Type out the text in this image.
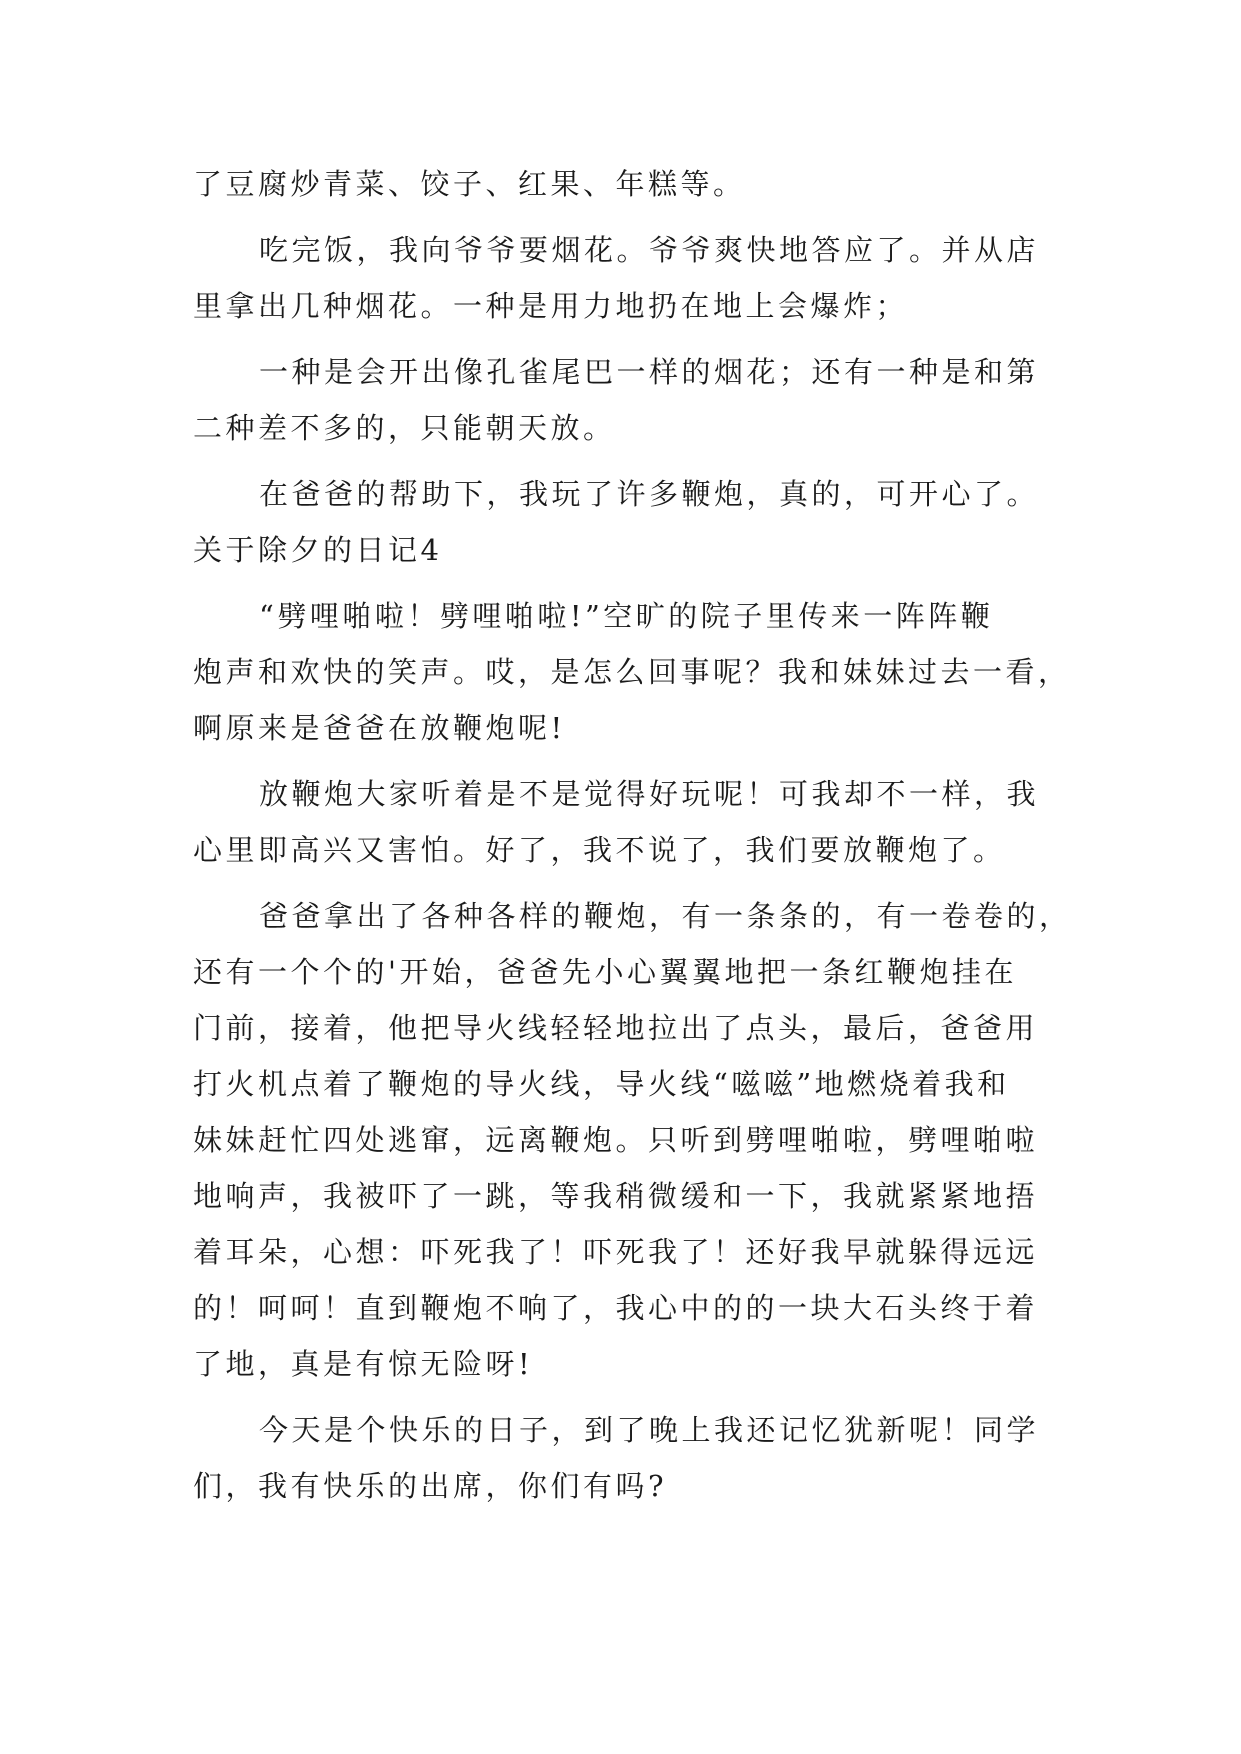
了豆腐炒青菜、饺子、红果、年糕等。
吃完饭，我向爷爷要烟花。爷爷爽快地答应了。并从店
里拿出几种烟花。一种是用力地扔在地上会爆炸；
一种是会开出像孔雀尾巴一样的烟花；还有一种是和第
二种差不多的，只能朝天放。
在爸爸的帮助下，我玩了许多鞭炮，真的，可开心了。
关于除夕的日记4
“劈哩啪啦！劈哩啪啦!”空旷的院子里传来一阵阵鞭
炮声和欢快的笑声。哎，是怎么回事呢？我和妹妹过去一看，
啊原来是爸爸在放鞭炮呢!
放鞭炮大家听着是不是觉得好玩呢！可我却不一样，我
心里即高兴又害怕。好了，我不说了，我们要放鞭炮了。
爸爸拿出了各种各样的鞭炮，有一条条的，有一卷卷的，
还有一个个的'开始，爸爸先小心翼翼地把一条红鞭炮挂在
门前，接着，他把导火线轻轻地拉出了点头，最后，爸爸用
打火机点着了鞭炮的导火线，导火线“嗞嗞”地燃烧着我和
妹妹赶忙四处逃窜，远离鞭炮。只听到劈哩啪啦，劈哩啪啦
地响声，我被吓了一跳，等我稍微缓和一下，我就紧紧地捂
着耳朵，心想：吓死我了！吓死我了！还好我早就躲得远远
的！呵呵！直到鞭炮不响了，我心中的的一块大石头终于着
了地，真是有惊无险呀!
今天是个快乐的日子，到了晚上我还记忆犹新呢！同学
们，我有快乐的出席，你们有吗?
